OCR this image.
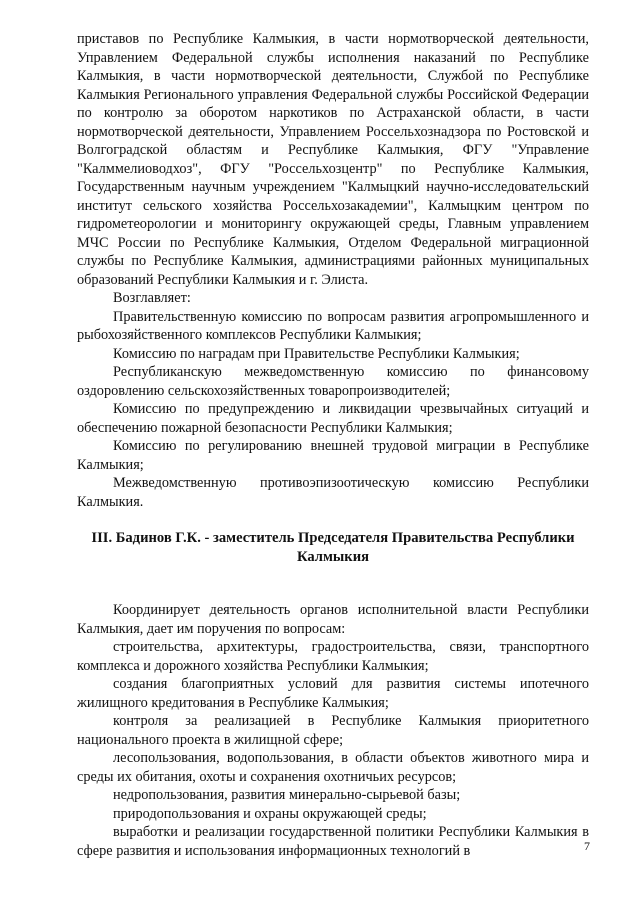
приставов по Республике Калмыкия, в части нормотворческой деятельности, Управлением Федеральной службы исполнения наказаний по Республике Калмыкия, в части нормотворческой деятельности, Службой по Республике Калмыкия Регионального управления Федеральной службы Российской Федерации по контролю за оборотом наркотиков по Астраханской области, в части нормотворческой деятельности, Управлением Россельхознадзора по Ростовской и Волгоградской областям и Республике Калмыкия, ФГУ "Управление "Калммелиоводхоз", ФГУ "Россельхозцентр" по Республике Калмыкия, Государственным научным учреждением "Калмыцкий научно-исследовательский институт сельского хозяйства Россельхозакадемии", Калмыцким центром по гидрометеорологии и мониторингу окружающей среды, Главным управлением МЧС России по Республике Калмыкия, Отделом Федеральной миграционной службы по Республике Калмыкия, администрациями районных муниципальных образований Республики Калмыкия и г. Элиста.

Возглавляет:

Правительственную комиссию по вопросам развития агропромышленного и рыбохозяйственного комплексов Республики Калмыкия;

Комиссию по наградам при Правительстве Республики Калмыкия;

Республиканскую межведомственную комиссию по финансовому оздоровлению сельскохозяйственных товаропроизводителей;

Комиссию по предупреждению и ликвидации чрезвычайных ситуаций и обеспечению пожарной безопасности Республики Калмыкия;

Комиссию по регулированию внешней трудовой миграции в Республике Калмыкия;

Межведомственную противоэпизоотическую комиссию Республики Калмыкия.

III. Бадинов Г.К. - заместитель Председателя Правительства Республики
Калмыкия

Координирует деятельность органов исполнительной власти Республики Калмыкия, дает им поручения по вопросам:

строительства, архитектуры, градостроительства, связи, транспортного комплекса и дорожного хозяйства Республики Калмыкия;

создания благоприятных условий для развития системы ипотечного жилищного кредитования в Республике Калмыкия;

контроля за реализацией в Республике Калмыкия приоритетного национального проекта в жилищной сфере;

лесопользования, водопользования, в области объектов животного мира и среды их обитания, охоты и сохранения охотничьих ресурсов;

недропользования, развития минерально-сырьевой базы;

природопользования и охраны окружающей среды;

выработки и реализации государственной политики Республики Калмыкия в сфере развития и использования информационных технологий в	7
